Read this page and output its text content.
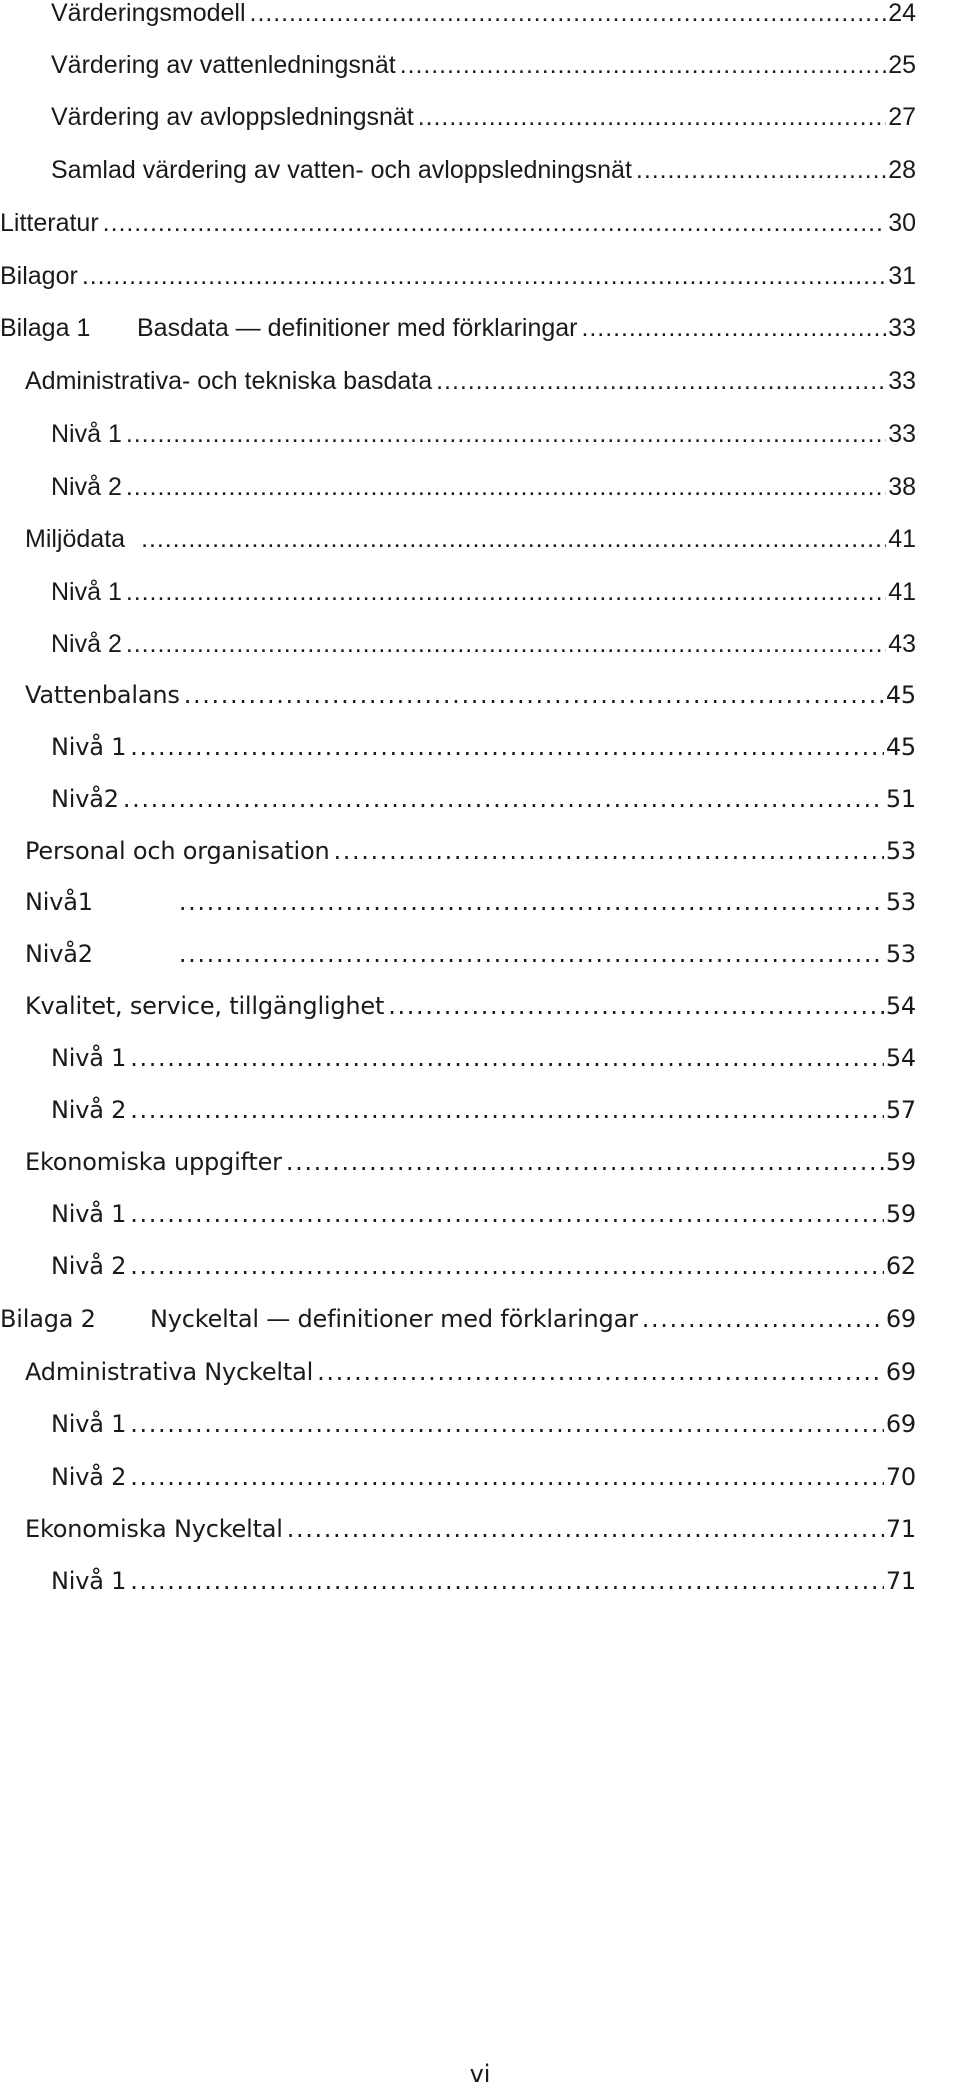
Värderingsmodell . . .	24
Värdering av vattenledningsnät . . .	25
Värdering av avloppsledningsnät . . .	27
Samlad värdering av vatten- och avloppsledningsnät . . .	28
Litteratur . . .	30
Bilagor . . .	31
Bilaga 1	Basdata — definitioner med förklaringar . . .	33
Administrativa- och tekniska basdata . . .	33
Nivå 1 . . .	33
Nivå 2 . . .	38
Miljödata . . .	41
Nivå 1 . . .	41
Nivå 2 . . .	43
Vattenbalans . . .	45
Nivå 1 . . .	45
Nivå2 . . .	51
Personal och organisation . . .	53
Nivå1 . . .	53
Nivå2 . . .	53
Kvalitet, service, tillgänglighet . . .	54
Nivå 1 . . .	54
Nivå 2 . . .	57
Ekonomiska uppgifter . . .	59
Nivå 1 . . .	59
Nivå 2 . . .	62
Bilaga 2	Nyckeltal — definitioner med förklaringar . . .	69
Administrativa Nyckeltal . . .	69
Nivå 1 . . .	69
Nivå 2 . . .	70
Ekonomiska Nyckeltal . . .	71
Nivå 1 . . .	71
vi
